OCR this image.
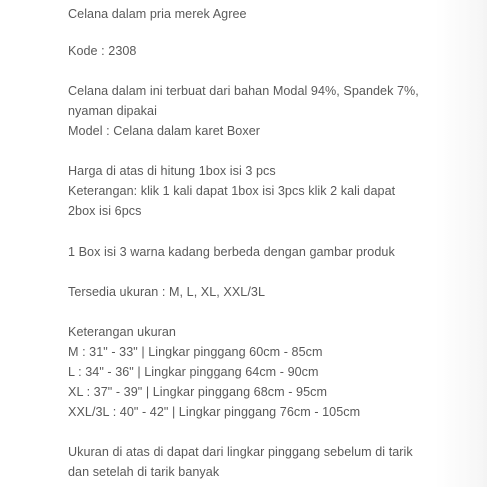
Celana dalam pria merek Agree
Kode : 2308
Celana dalam ini terbuat dari bahan Modal 94%, Spandek 7%,
nyaman dipakai
Model : Celana dalam karet Boxer
Harga di atas di hitung 1box isi 3 pcs
Keterangan: klik 1 kali dapat 1box isi 3pcs klik 2 kali dapat
2box isi 6pcs
1 Box isi 3 warna kadang berbeda dengan gambar produk
Tersedia ukuran : M, L, XL, XXL/3L
Keterangan ukuran
M : 31" - 33" | Lingkar pinggang 60cm - 85cm
L : 34" - 36" | Lingkar pinggang 64cm - 90cm
XL : 37" - 39" | Lingkar pinggang 68cm - 95cm
XXL/3L : 40" - 42" | Lingkar pinggang 76cm - 105cm
Ukuran di atas di dapat dari lingkar pinggang sebelum di tarik
dan setelah di tarik banyak
